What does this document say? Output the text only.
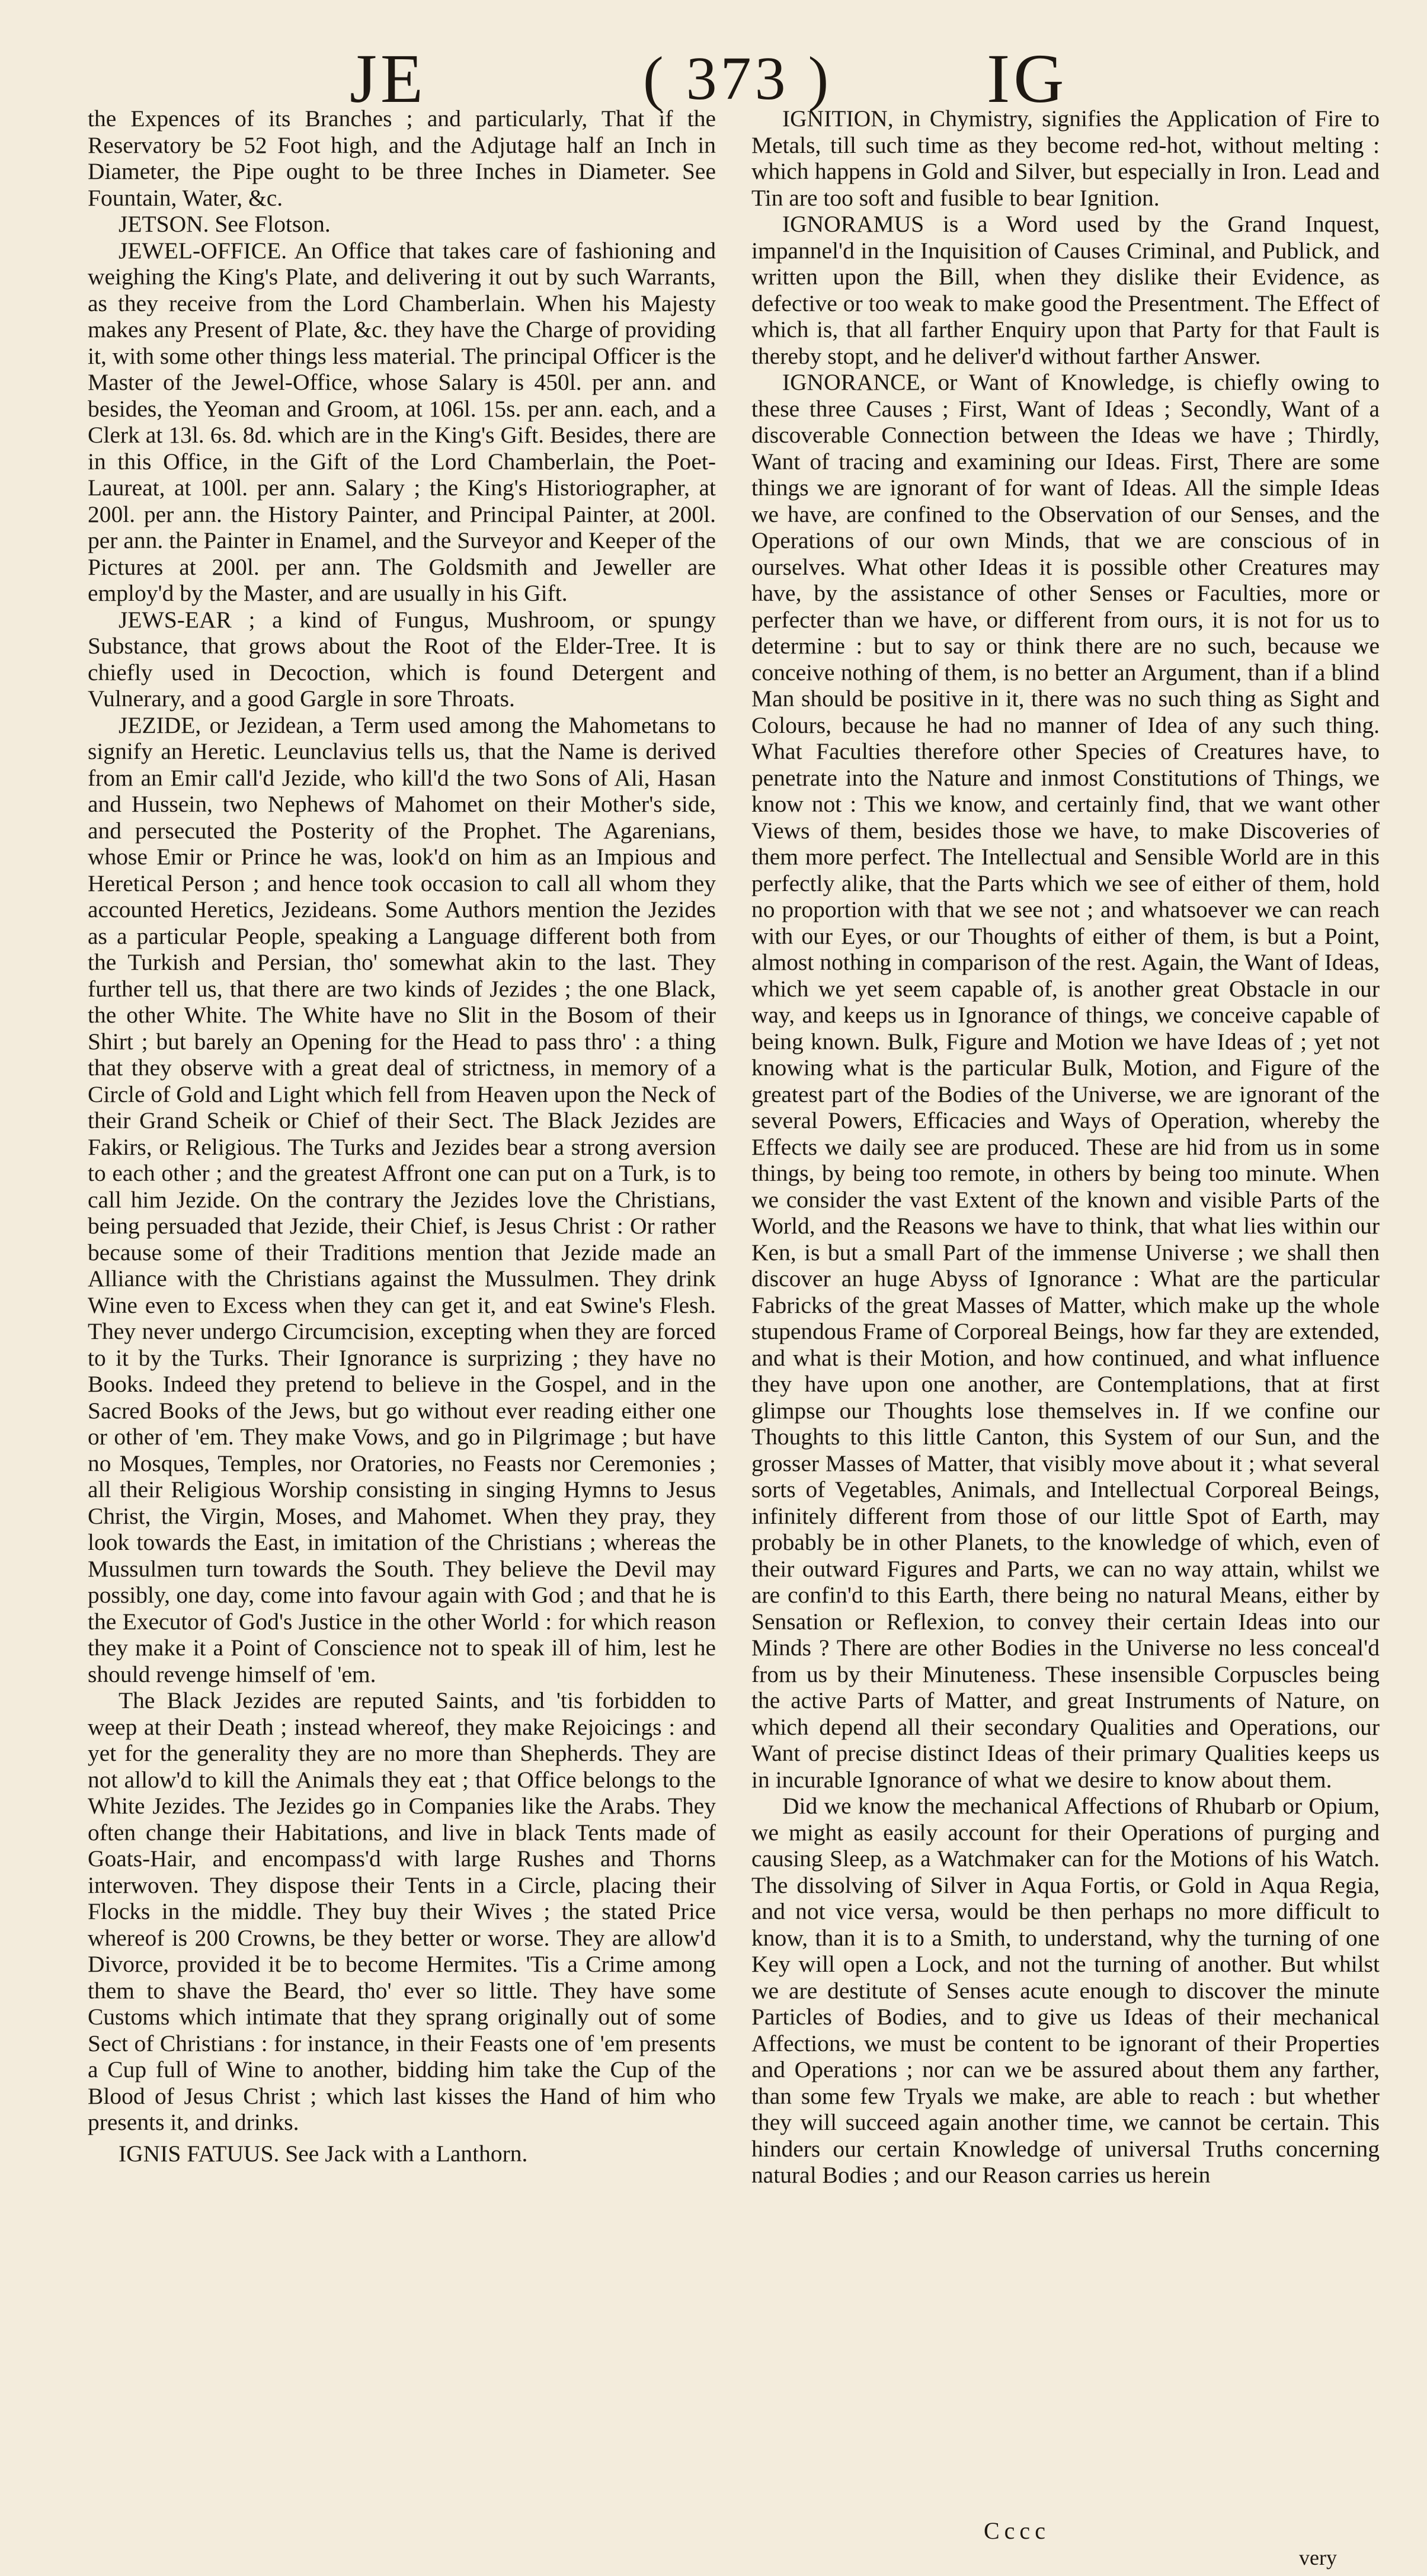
JE	( 373 ) IG

the Expences of its Branches ; and particularly, That if the Reservatory be 52 Foot high, and the Adjutage half an Inch in Diameter, the Pipe ought to be three Inches in Diameter. See Fountain, Water, &c.

JETSON. See Flotson.

JEWEL-OFFICE. An Office that takes care of fashioning and weighing the King's Plate, and delivering it out by such Warrants, as they receive from the Lord Chamberlain. When his Majesty makes any Present of Plate, &c. they have the Charge of providing it, with some other things less material. The principal Officer is the Master of the Jewel-Office, whose Salary is 450l. per ann. and besides, the Yeoman and Groom, at 106l. 15s. per ann. each, and a Clerk at 13l. 6s. 8d. which are in the King's Gift. Besides, there are in this Office, in the Gift of the Lord Chamberlain, the Poet-Laureat, at 100l. per ann. Salary ; the King's Historiographer, at 200l. per ann. the History Painter, and Principal Painter, at 200l. per ann. the Painter in Enamel, and the Surveyor and Keeper of the Pictures at 200l. per ann. The Goldsmith and Jeweller are employ'd by the Master, and are usually in his Gift.

JEWS-EAR ; a kind of Fungus, Mushroom, or spungy Substance, that grows about the Root of the Elder-Tree. It is chiefly used in Decoction, which is found Detergent and Vulnerary, and a good Gargle in sore Throats.

JEZIDE, or Jezidean, a Term used among the Mahometans to signify an Heretic. Leunclavius tells us, that the Name is derived from an Emir call'd Jezide, who kill'd the two Sons of Ali, Hasan and Hussein, two Nephews of Mahomet on their Mother's side, and persecuted the Posterity of the Prophet. The Agarenians, whose Emir or Prince he was, look'd on him as an Impious and Heretical Person ; and hence took occasion to call all whom they accounted Heretics, Jezideans. Some Authors mention the Jezides as a particular People, speaking a Language different both from the Turkish and Persian, tho' somewhat akin to the last. They further tell us, that there are two kinds of Jezides ; the one Black, the other White. The White have no Slit in the Bosom of their Shirt ; but barely an Opening for the Head to pass thro' : a thing that they observe with a great deal of strictness, in memory of a Circle of Gold and Light which fell from Heaven upon the Neck of their Grand Scheik or Chief of their Sect. The Black Jezides are Fakirs, or Religious. The Turks and Jezides bear a strong aversion to each other ; and the greatest Affront one can put on a Turk, is to call him Jezide. On the contrary the Jezides love the Christians, being persuaded that Jezide, their Chief, is Jesus Christ : Or rather because some of their Traditions mention that Jezide made an Alliance with the Christians against the Mussulmen. They drink Wine even to Excess when they can get it, and eat Swine's Flesh. They never undergo Circumcision, excepting when they are forced to it by the Turks. Their Ignorance is surprizing ; they have no Books. Indeed they pretend to believe in the Gospel, and in the Sacred Books of the Jews, but go without ever reading either one or other of 'em. They make Vows, and go in Pilgrimage ; but have no Mosques, Temples, nor Oratories, no Feasts nor Ceremonies ; all their Religious Worship consisting in singing Hymns to Jesus Christ, the Virgin, Moses, and Mahomet. When they pray, they look towards the East, in imitation of the Christians ; whereas the Mussulmen turn towards the South. They believe the Devil may possibly, one day, come into favour again with God ; and that he is the Executor of God's Justice in the other World : for which reason they make it a Point of Conscience not to speak ill of him, lest he should revenge himself of 'em.

The Black Jezides are reputed Saints, and 'tis forbidden to weep at their Death ; instead whereof, they make Rejoicings : and yet for the generality they are no more than Shepherds. They are not allow'd to kill the Animals they eat ; that Office belongs to the White Jezides. The Jezides go in Companies like the Arabs. They often change their Habitations, and live in black Tents made of Goats-Hair, and encompass'd with large Rushes and Thorns interwoven. They dispose their Tents in a Circle, placing their Flocks in the middle. They buy their Wives ; the stated Price whereof is 200 Crowns, be they better or worse. They are allow'd Divorce, provided it be to become Hermites. 'Tis a Crime among them to shave the Beard, tho' ever so little. They have some Customs which intimate that they sprang originally out of some Sect of Christians : for instance, in their Feasts one of 'em presents a Cup full of Wine to another, bidding him take the Cup of the Blood of Jesus Christ ; which last kisses the Hand of him who presents it, and drinks.

IGNIS FATUUS. See Jack with a Lanthorn.

IGNITION, in Chymistry, signifies the Application of Fire to Metals, till such time as they become red-hot, without melting : which happens in Gold and Silver, but especially in Iron. Lead and Tin are too soft and fusible to bear Ignition.

IGNORAMUS is a Word used by the Grand Inquest, impannel'd in the Inquisition of Causes Criminal, and Publick, and written upon the Bill, when they dislike their Evidence, as defective or too weak to make good the Presentment. The Effect of which is, that all farther Enquiry upon that Party for that Fault is thereby stopt, and he deliver'd without farther Answer.

IGNORANCE, or Want of Knowledge, is chiefly owing to these three Causes ; First, Want of Ideas ; Secondly, Want of a discoverable Connection between the Ideas we have ; Thirdly, Want of tracing and examining our Ideas. First, There are some things we are ignorant of for want of Ideas. All the simple Ideas we have, are confined to the Observation of our Senses, and the Operations of our own Minds, that we are conscious of in ourselves. What other Ideas it is possible other Creatures may have, by the assistance of other Senses or Faculties, more or perfecter than we have, or different from ours, it is not for us to determine : but to say or think there are no such, because we conceive nothing of them, is no better an Argument, than if a blind Man should be positive in it, there was no such thing as Sight and Colours, because he had no manner of Idea of any such thing. What Faculties therefore other Species of Creatures have, to penetrate into the Nature and inmost Constitutions of Things, we know not : This we know, and certainly find, that we want other Views of them, besides those we have, to make Discoveries of them more perfect. The Intellectual and Sensible World are in this perfectly alike, that the Parts which we see of either of them, hold no proportion with that we see not ; and whatsoever we can reach with our Eyes, or our Thoughts of either of them, is but a Point, almost nothing in comparison of the rest. Again, the Want of Ideas, which we yet seem capable of, is another great Obstacle in our way, and keeps us in Ignorance of things, we conceive capable of being known. Bulk, Figure and Motion we have Ideas of ; yet not knowing what is the particular Bulk, Motion, and Figure of the greatest part of the Bodies of the Universe, we are ignorant of the several Powers, Efficacies and Ways of Operation, whereby the Effects we daily see are produced. These are hid from us in some things, by being too remote, in others by being too minute. When we consider the vast Extent of the known and visible Parts of the World, and the Reasons we have to think, that what lies within our Ken, is but a small Part of the immense Universe ; we shall then discover an huge Abyss of Ignorance : What are the particular Fabricks of the great Masses of Matter, which make up the whole stupendous Frame of Corporeal Beings, how far they are extended, and what is their Motion, and how continued, and what influence they have upon one another, are Contemplations, that at first glimpse our Thoughts lose themselves in. If we confine our Thoughts to this little Canton, this System of our Sun, and the grosser Masses of Matter, that visibly move about it ; what several sorts of Vegetables, Animals, and Intellectual Corporeal Beings, infinitely different from those of our little Spot of Earth, may probably be in other Planets, to the knowledge of which, even of their outward Figures and Parts, we can no way attain, whilst we are confin'd to this Earth, there being no natural Means, either by Sensation or Reflexion, to convey their certain Ideas into our Minds ? There are other Bodies in the Universe no less conceal'd from us by their Minuteness. These insensible Corpuscles being the active Parts of Matter, and great Instruments of Nature, on which depend all their secondary Qualities and Operations, our Want of precise distinct Ideas of their primary Qualities keeps us in incurable Ignorance of what we desire to know about them.

Did we know the mechanical Affections of Rhubarb or Opium, we might as easily account for their Operations of purging and causing Sleep, as a Watchmaker can for the Motions of his Watch. The dissolving of Silver in Aqua Fortis, or Gold in Aqua Regia, and not vice versa, would be then perhaps no more difficult to know, than it is to a Smith, to understand, why the turning of one Key will open a Lock, and not the turning of another. But whilst we are destitute of Senses acute enough to discover the minute Particles of Bodies, and to give us Ideas of their mechanical Affections, we must be content to be ignorant of their Properties and Operations ; nor can we be assured about them any farther, than some few Tryals we make, are able to reach : but whether they will succeed again another time, we cannot be certain. This hinders our certain Knowledge of universal Truths concerning natural Bodies ; and our Reason carries us herein

Cccc
very
